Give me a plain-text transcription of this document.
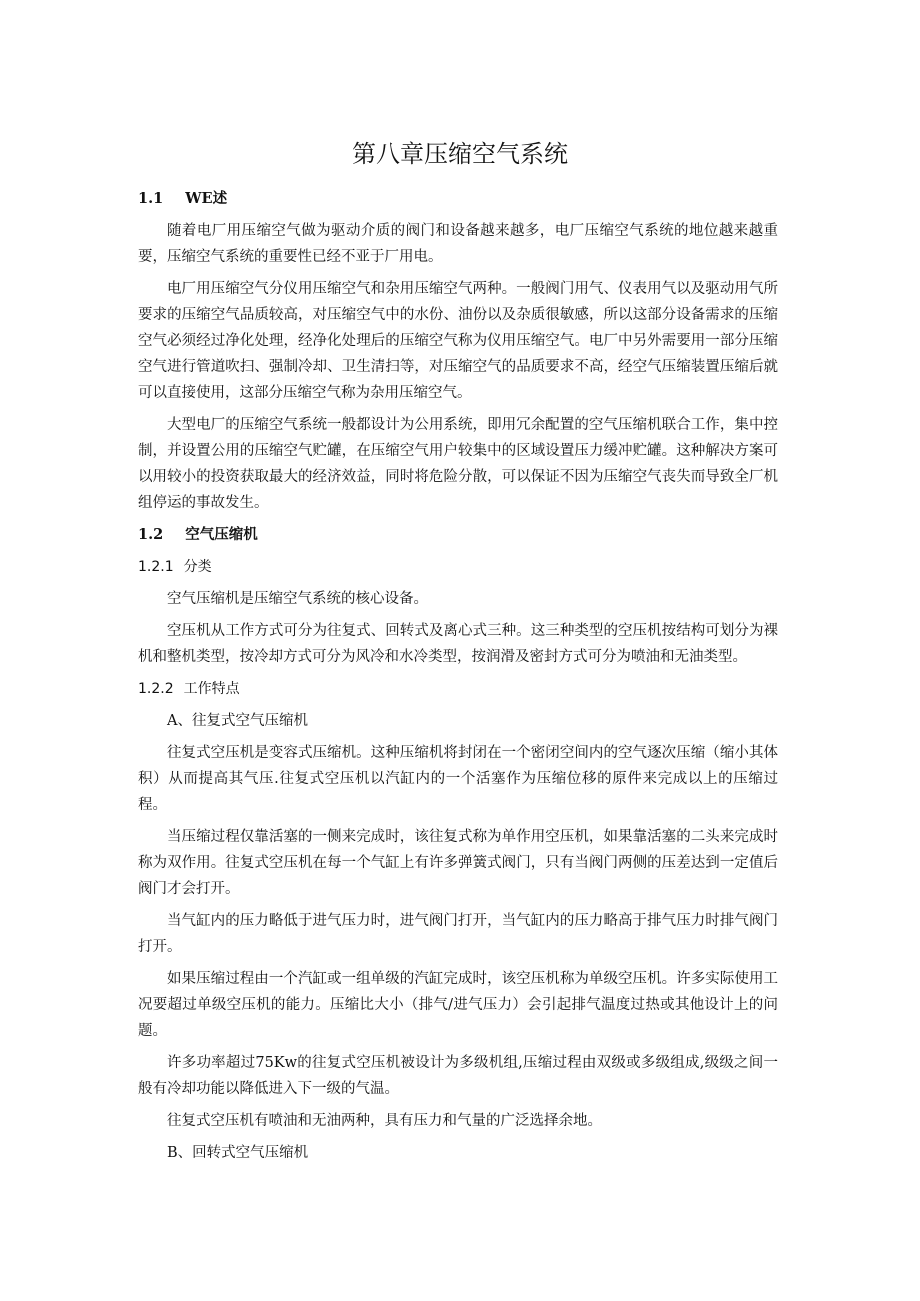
第八章压缩空气系统
1.1 WE述

随着电厂用压缩空气做为驱动介质的阀门和设备越来越多，电厂压缩空气系统的地位越来越重要，压缩空气系统的重要性已经不亚于厂用电。

电厂用压缩空气分仪用压缩空气和杂用压缩空气两种。一般阀门用气、仪表用气以及驱动用气所要求的压缩空气品质较高，对压缩空气中的水份、油份以及杂质很敏感，所以这部分设备需求的压缩空气必须经过净化处理，经净化处理后的压缩空气称为仪用压缩空气。电厂中另外需要用一部分压缩空气进行管道吹扫、强制冷却、卫生清扫等，对压缩空气的品质要求不高，经空气压缩装置压缩后就可以直接使用，这部分压缩空气称为杂用压缩空气。

大型电厂的压缩空气系统一般都设计为公用系统，即用冗余配置的空气压缩机联合工作，集中控制，并设置公用的压缩空气贮罐，在压缩空气用户较集中的区域设置压力缓冲贮罐。这种解决方案可以用较小的投资获取最大的经济效益，同时将危险分散，可以保证不因为压缩空气丧失而导致全厂机组停运的事故发生。

1.2 空气压缩机
1.2.1 分类

空气压缩机是压缩空气系统的核心设备。

空压机从工作方式可分为往复式、回转式及离心式三种。这三种类型的空压机按结构可划分为裸机和整机类型，按冷却方式可分为风冷和水冷类型，按润滑及密封方式可分为喷油和无油类型。

1.2.2 工作特点

A、往复式空气压缩机

往复式空压机是变容式压缩机。这种压缩机将封闭在一个密闭空间内的空气逐次压缩（缩小其体积）从而提高其气压.往复式空压机以汽缸内的一个活塞作为压缩位移的原件来完成以上的压缩过程。

当压缩过程仅靠活塞的一侧来完成时，该往复式称为单作用空压机，如果靠活塞的二头来完成时称为双作用。往复式空压机在每一个气缸上有许多弹簧式阀门，只有当阀门两侧的压差达到一定值后阀门才会打开。

当气缸内的压力略低于进气压力时，进气阀门打开，当气缸内的压力略高于排气压力时排气阀门打开。

如果压缩过程由一个汽缸或一组单级的汽缸完成时，该空压机称为单级空压机。许多实际使用工况要超过单级空压机的能力。压缩比大小（排气/进气压力）会引起排气温度过热或其他设计上的问题。

许多功率超过75Kw的往复式空压机被设计为多级机组,压缩过程由双级或多级组成,级级之间一般有冷却功能以降低进入下一级的气温。

往复式空压机有喷油和无油两种，具有压力和气量的广泛选择余地。

B、回转式空气压缩机
